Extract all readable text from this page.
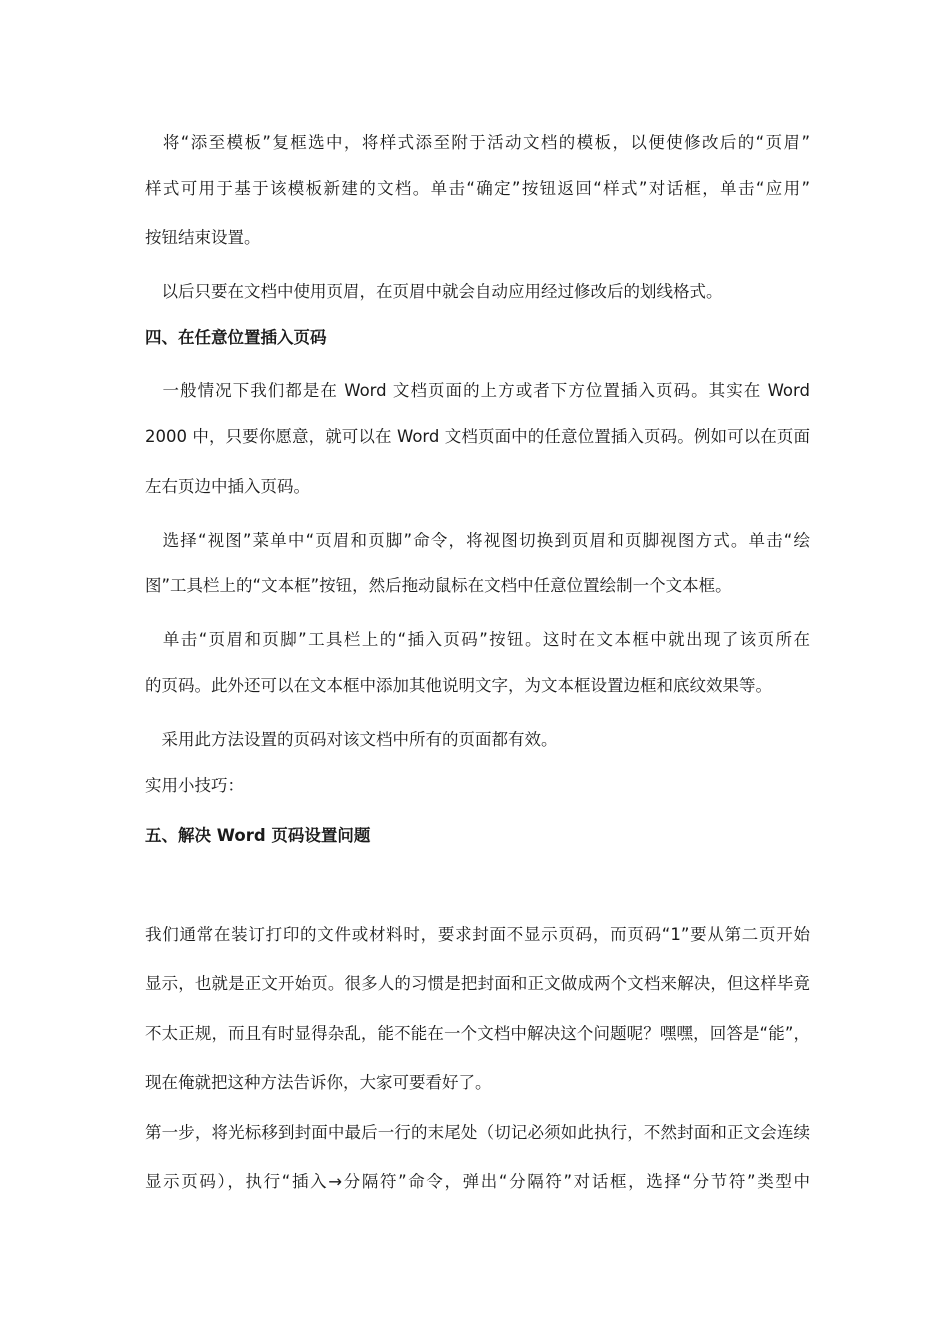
　将“添至模板”复框选中，将样式添至附于活动文档的模板，以便使修改后的“页眉”
样式可用于基于该模板新建的文档。单击“确定”按钮返回“样式”对话框，单击“应用”
按钮结束设置。
　以后只要在文档中使用页眉，在页眉中就会自动应用经过修改后的划线格式。
四、在任意位置插入页码
　一般情况下我们都是在 Word 文档页面的上方或者下方位置插入页码。其实在 Word
2000 中，只要你愿意，就可以在 Word 文档页面中的任意位置插入页码。例如可以在页面
左右页边中插入页码。
　选择“视图”菜单中“页眉和页脚”命令，将视图切换到页眉和页脚视图方式。单击“绘
图”工具栏上的“文本框”按钮，然后拖动鼠标在文档中任意位置绘制一个文本框。
　单击“页眉和页脚”工具栏上的“插入页码”按钮。这时在文本框中就出现了该页所在
的页码。此外还可以在文本框中添加其他说明文字，为文本框设置边框和底纹效果等。
　采用此方法设置的页码对该文档中所有的页面都有效。
实用小技巧：
五、解决 Word 页码设置问题
我们通常在装订打印的文件或材料时，要求封面不显示页码，而页码“1”要从第二页开始
显示，也就是正文开始页。很多人的习惯是把封面和正文做成两个文档来解决，但这样毕竟
不太正规，而且有时显得杂乱，能不能在一个文档中解决这个问题呢？嘿嘿，回答是“能”，
现在俺就把这种方法告诉你，大家可要看好了。
第一步，将光标移到封面中最后一行的末尾处（切记必须如此执行，不然封面和正文会连续
显示页码），执行“插入→分隔符”命令，弹出“分隔符”对话框，选择“分节符”类型中
